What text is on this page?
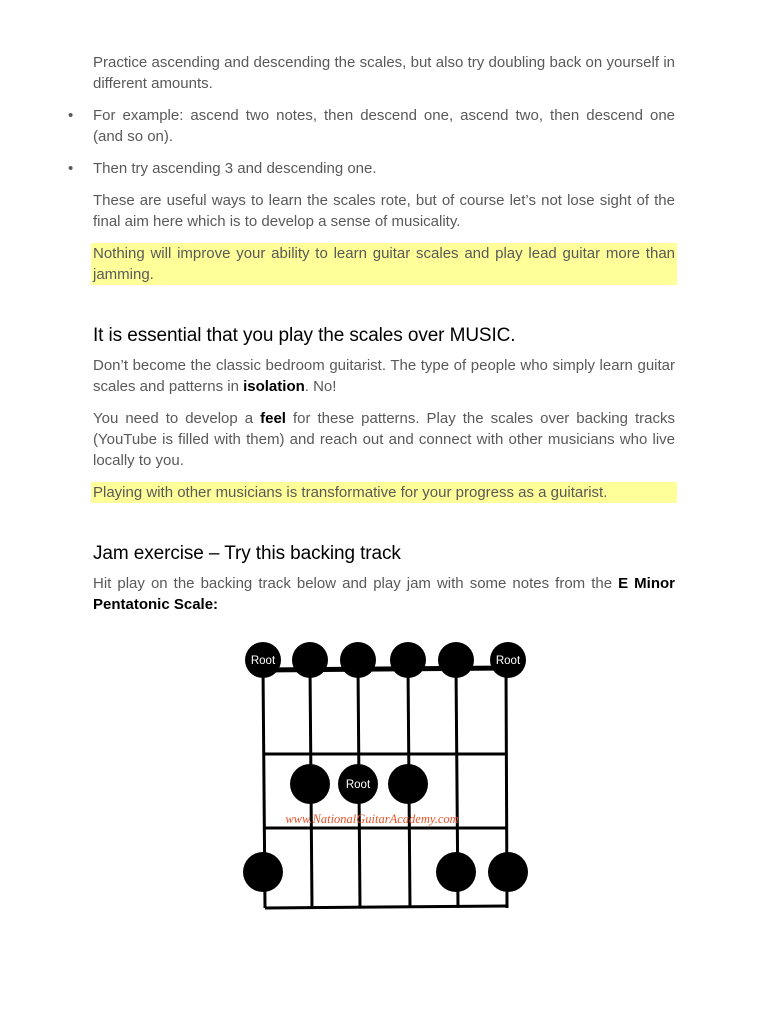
Practice ascending and descending the scales, but also try doubling back on yourself in different amounts.

• For example: ascend two notes, then descend one, ascend two, then descend one (and so on).
• Then try ascending 3 and descending one.

These are useful ways to learn the scales rote, but of course let’s not lose sight of the final aim here which is to develop a sense of musicality.

Nothing will improve your ability to learn guitar scales and play lead guitar more than jamming.

It is essential that you play the scales over MUSIC.

Don’t become the classic bedroom guitarist. The type of people who simply learn guitar scales and patterns in isolation. No!

You need to develop a feel for these patterns. Play the scales over backing tracks (YouTube is filled with them) and reach out and connect with other musicians who live locally to you.

Playing with other musicians is transformative for your progress as a guitarist.

Jam exercise – Try this backing track

Hit play on the backing track below and play jam with some notes from the E Minor Pentatonic Scale:

Root	Root
Root
www.NationalGuitarAcademy.com
